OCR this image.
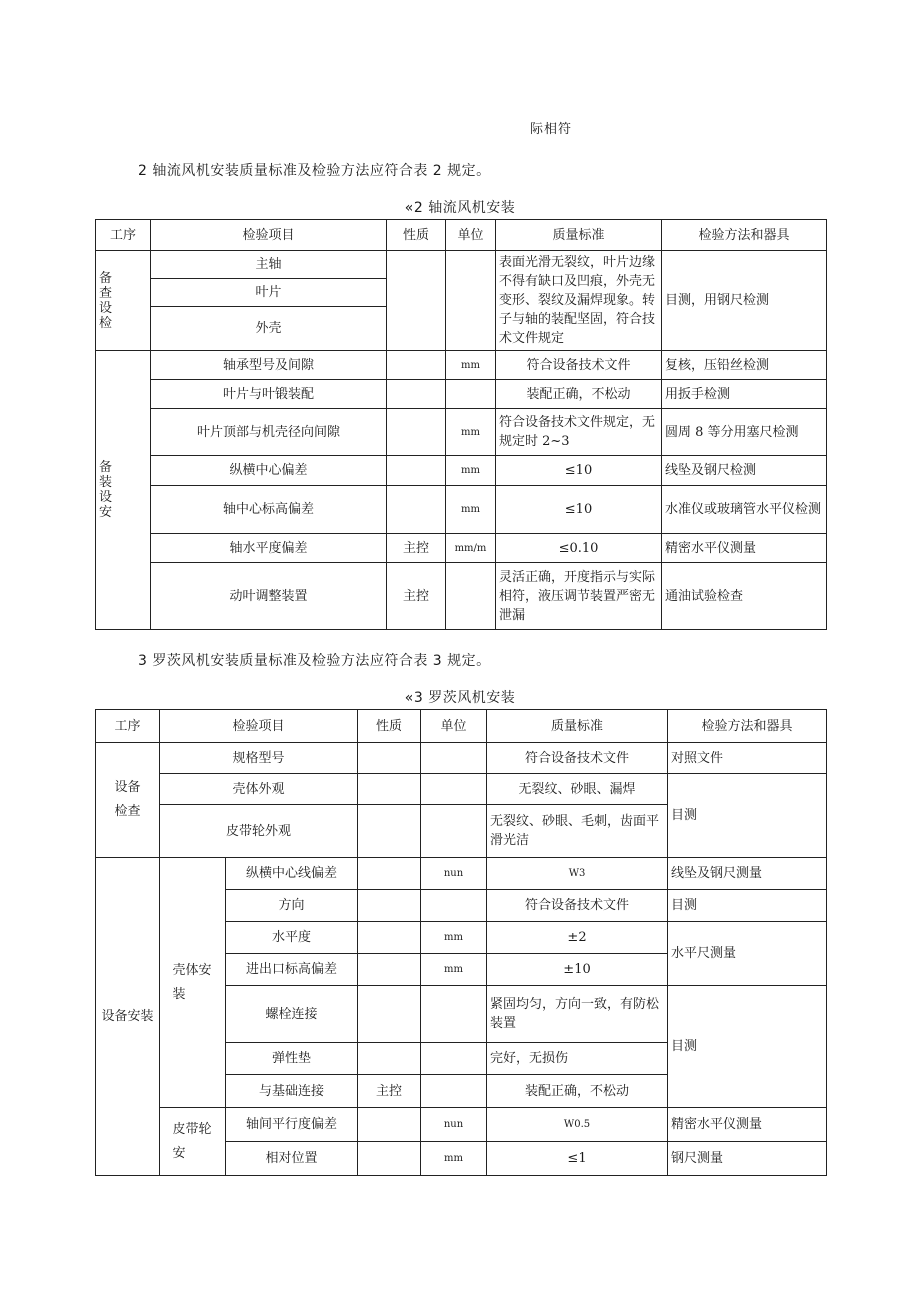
际相符
2 轴流风机安装质量标准及检验方法应符合表 2 规定。
«2 轴流风机安装
工序	检验项目	性质	单位	质量标准	检验方法和器具

备查设检	主轴			表面光滑无裂纹，叶片边缘不得有缺口及凹痕，外壳无变形、裂纹及漏焊现象。转子与轴的装配坚固，符合技术文件规定	目测，用钢尺检测
	叶片				
	外壳				

备装设安	轴承型号及间隙		mm	符合设备技术文件	复核，压铅丝检测
	叶片与叶锻装配			装配正确，不松动	用扳手检测
	叶片顶部与机壳径向间隙		mm	符合设备技术文件规定，无规定时 2~3	圆周 8 等分用塞尺检测
	纵横中心偏差		mm	≤10	线坠及钢尺检测
	轴中心标高偏差		mm	≤10	水准仪或玻璃管水平仪检测
	轴水平度偏差	主控	mm/m	≤0.10	精密水平仪测量
	动叶调整装置	主控		灵活正确，开度指示与实际相符，液压调节装置严密无泄漏	通油试验检查
3 罗茨风机安装质量标准及检验方法应符合表 3 规定。
«3 罗茨风机安装
工序	检验项目		性质	单位	质量标准	检验方法和器具

设备检查	规格型号				符合设备技术文件	对照文件
	壳体外观				无裂纹、砂眼、漏焊	目测
	皮带轮外观				无裂纹、砂眼、毛刺，齿面平滑光洁	
设备安装	壳体安装	纵横中心线偏差		nun	W3	线坠及钢尺测量
		方向			符合设备技术文件	目测
		水平度		mm	±2	水平尺测量
		进出口标高偏差		mm	±10	
		螺栓连接			紧固均匀，方向一致，有防松装置	目测
		弹性垫			完好，无损伤	
		与基础连接	主控		装配正确，不松动	

	皮带轮安	轴间平行度偏差		nun	W0.5	精密水平仪测量
		相对位置		mm	≤1	钢尺测量
